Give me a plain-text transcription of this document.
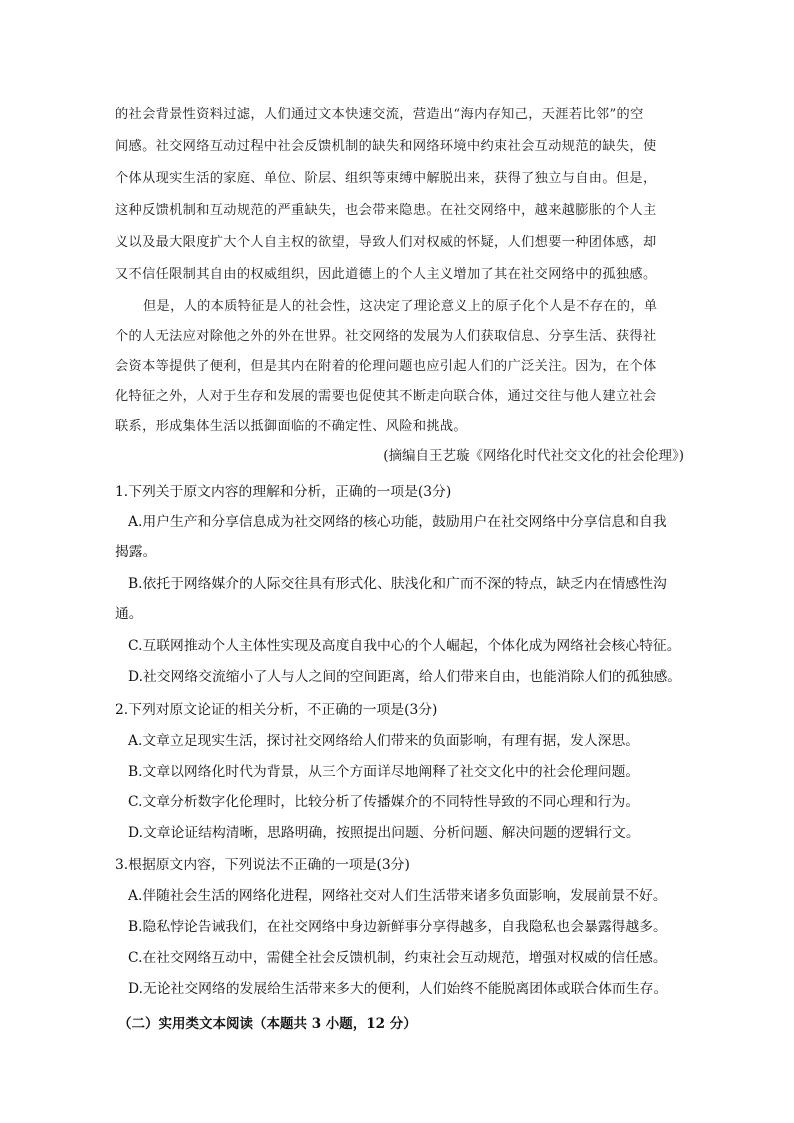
的社会背景性资料过滤，人们通过文本快速交流，营造出“海内存知己，天涯若比邻”的空
间感。社交网络互动过程中社会反馈机制的缺失和网络环境中约束社会互动规范的缺失，使
个体从现实生活的家庭、单位、阶层、组织等束缚中解脱出来，获得了独立与自由。但是，
这种反馈机制和互动规范的严重缺失，也会带来隐患。在社交网络中，越来越膨胀的个人主
义以及最大限度扩大个人自主权的欲望，导致人们对权威的怀疑，人们想要一种团体感，却
又不信任限制其自由的权威组织，因此道德上的个人主义增加了其在社交网络中的孤独感。
但是，人的本质特征是人的社会性，这决定了理论意义上的原子化个人是不存在的，单
个的人无法应对除他之外的外在世界。社交网络的发展为人们获取信息、分享生活、获得社
会资本等提供了便利，但是其内在附着的伦理问题也应引起人们的广泛关注。因为，在个体
化特征之外，人对于生存和发展的需要也促使其不断走向联合体，通过交往与他人建立社会
联系，形成集体生活以抵御面临的不确定性、风险和挑战。
(摘编自王艺璇《网络化时代社交文化的社会伦理》)
1.下列关于原文内容的理解和分析，正确的一项是(3分)
A.用户生产和分享信息成为社交网络的核心功能，鼓励用户在社交网络中分享信息和自我
揭露。
B.依托于网络媒介的人际交往具有形式化、肤浅化和广而不深的特点，缺乏内在情感性沟
通。
C.互联网推动个人主体性实现及高度自我中心的个人崛起，个体化成为网络社会核心特征。
D.社交网络交流缩小了人与人之间的空间距离，给人们带来自由，也能消除人们的孤独感。
2.下列对原文论证的相关分析，不正确的一项是(3分)
A.文章立足现实生活，探讨社交网络给人们带来的负面影响，有理有据，发人深思。
B.文章以网络化时代为背景，从三个方面详尽地阐释了社交文化中的社会伦理问题。
C.文章分析数字化伦理时，比较分析了传播媒介的不同特性导致的不同心理和行为。
D.文章论证结构清晰，思路明确，按照提出问题、分析问题、解决问题的逻辑行文。
3.根据原文内容，下列说法不正确的一项是(3分)
A.伴随社会生活的网络化进程，网络社交对人们生活带来诸多负面影响，发展前景不好。
B.隐私悖论告诫我们，在社交网络中身边新鲜事分享得越多，自我隐私也会暴露得越多。
C.在社交网络互动中，需健全社会反馈机制，约束社会互动规范，增强对权威的信任感。
D.无论社交网络的发展给生活带来多大的便利，人们始终不能脱离团体或联合体而生存。
（二）实用类文本阅读（本题共 3 小题，12 分）
